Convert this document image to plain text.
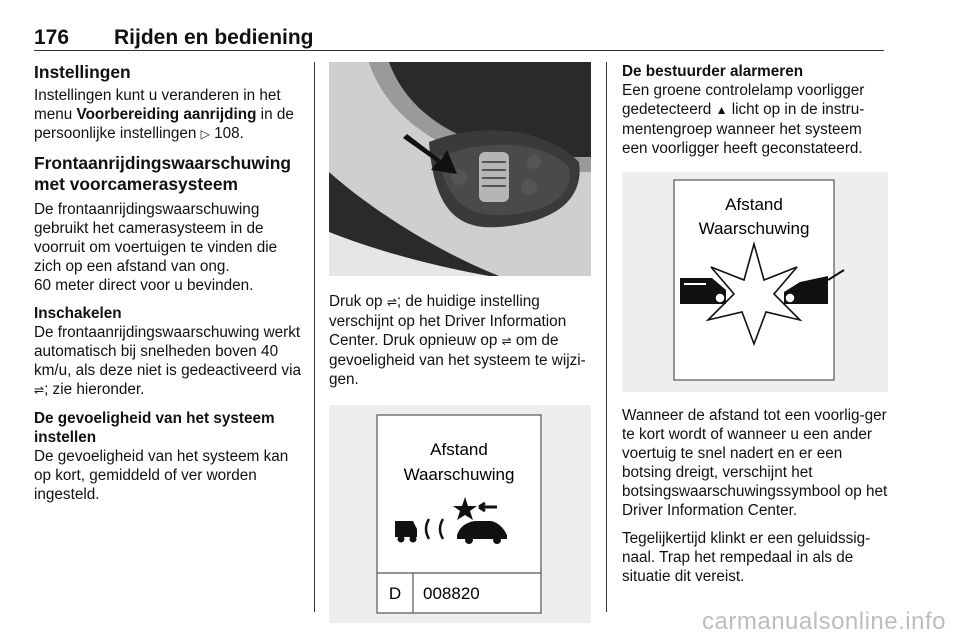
176 Rijden en bediening

Instellingen

Instellingen kunt u veranderen in het menu Voorbereiding aanrijding in de persoonlijke instellingen ▷ 108.

Frontaanrijdingswaarschuwing met voorcamerasysteem

De frontaanrijdingswaarschuwing gebruikt het camerasysteem in de voorruit om voertuigen te vinden die zich op een afstand van ong.

60 meter direct voor u bevinden.

Inschakelen

De frontaanrijdingswaarschuwing werkt automatisch bij snelheden boven 40 km/u, als deze niet is gedeactiveerd via ⇌; zie hieronder.

De gevoeligheid van het systeem instellen

De gevoeligheid van het systeem kan op kort, gemiddeld of ver worden ingesteld.

Druk op ⇌; de huidige instelling verschijnt op het Driver Information Center. Druk opnieuw op ⇌ om de gevoeligheid van het systeem te wijzi-gen.

Afstand
Waarschuwing
D 008820

De bestuurder alarmeren

Een groene controlelamp voorligger gedetecteerd ▲ licht op in de instru-mentengroep wanneer het systeem een voorligger heeft geconstateerd.

Afstand
Waarschuwing

Wanneer de afstand tot een voorlig-ger te kort wordt of wanneer u een ander voertuig te snel nadert en er een botsing dreigt, verschijnt het botsingswaarschuwingssymbool op het Driver Information Center.

Tegelijkertijd klinkt er een geluidssig-naal. Trap het rempedaal in als de situatie dit vereist.

carmanualsonline.info
